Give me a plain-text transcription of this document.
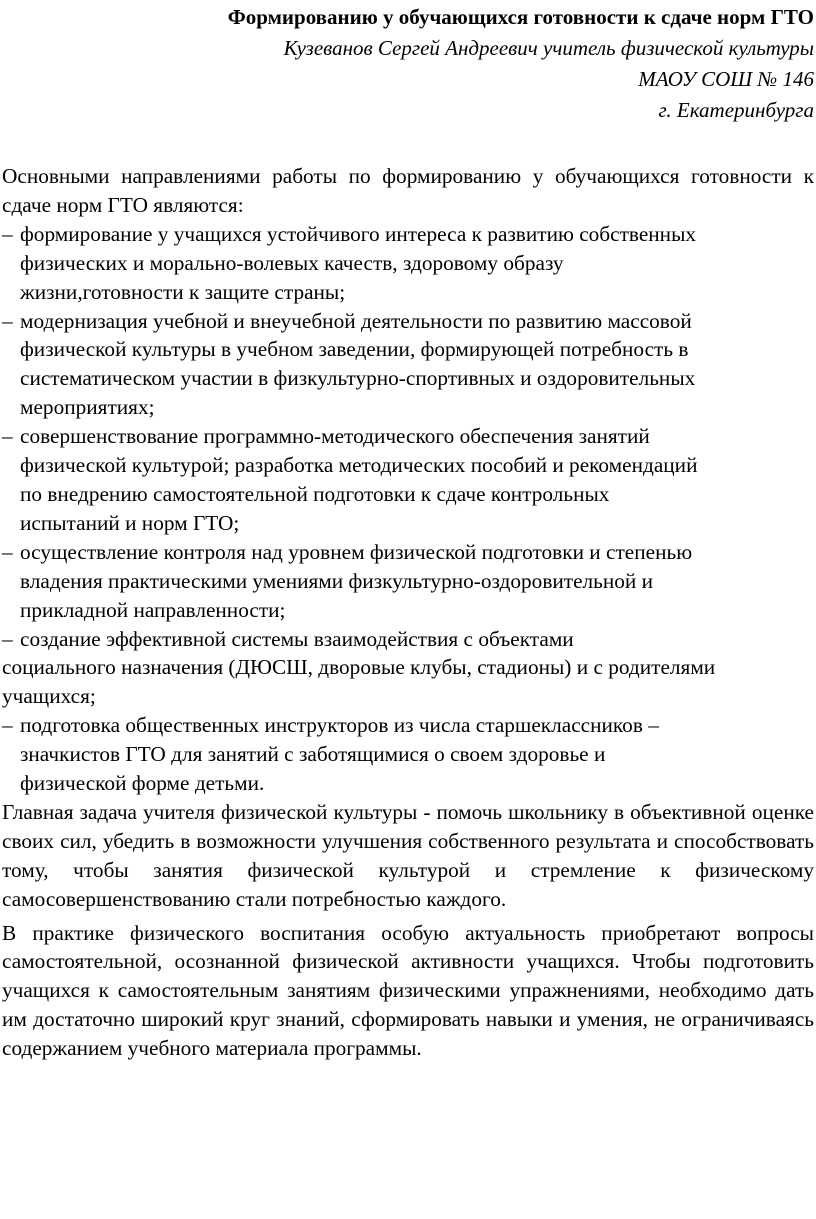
Формированию у обучающихся готовности к сдаче норм ГТО
Кузеванов Сергей Андреевич учитель физической культуры
МАОУ СОШ № 146
г. Екатеринбурга

Основными направлениями работы по формированию у обучающихся готовности к сдаче норм ГТО являются:

– формирование у учащихся устойчивого интереса к развитию собственных
физических и морально-волевых качеств, здоровому образу
жизни,готовности к защите страны;
– модернизация учебной и внеучебной деятельности по развитию массовой
физической культуры в учебном заведении, формирующей потребность в
систематическом участии в физкультурно-спортивных и оздоровительных
мероприятиях;
– совершенствование программно-методического обеспечения занятий
физической культурой; разработка методических пособий и рекомендаций
по внедрению самостоятельной подготовки к сдаче контрольных
испытаний и норм ГТО;
– осуществление контроля над уровнем физической подготовки и степенью
владения практическими умениями физкультурно-оздоровительной и
прикладной направленности;
– создание эффективной системы взаимодействия с объектами
социального назначения (ДЮСШ, дворовые клубы, стадионы) и с родителями
учащихся;
– подготовка общественных инструкторов из числа старшеклассников –
значкистов ГТО для занятий с заботящимися о своем здоровье и
физической форме детьми.

Главная задача учителя физической культуры - помочь школьнику в объективной оценке своих сил, убедить в возможности улучшения собственного результата и способствовать тому, чтобы занятия физической культурой и стремление к физическому самосовершенствованию стали потребностью каждого.

В практике физического воспитания особую актуальность приобретают вопросы самостоятельной, осознанной физической активности учащихся. Чтобы подготовить учащихся к самостоятельным занятиям физическими упражнениями, необходимо дать им достаточно широкий круг знаний, сформировать навыки и умения, не ограничиваясь содержанием учебного материала программы.
